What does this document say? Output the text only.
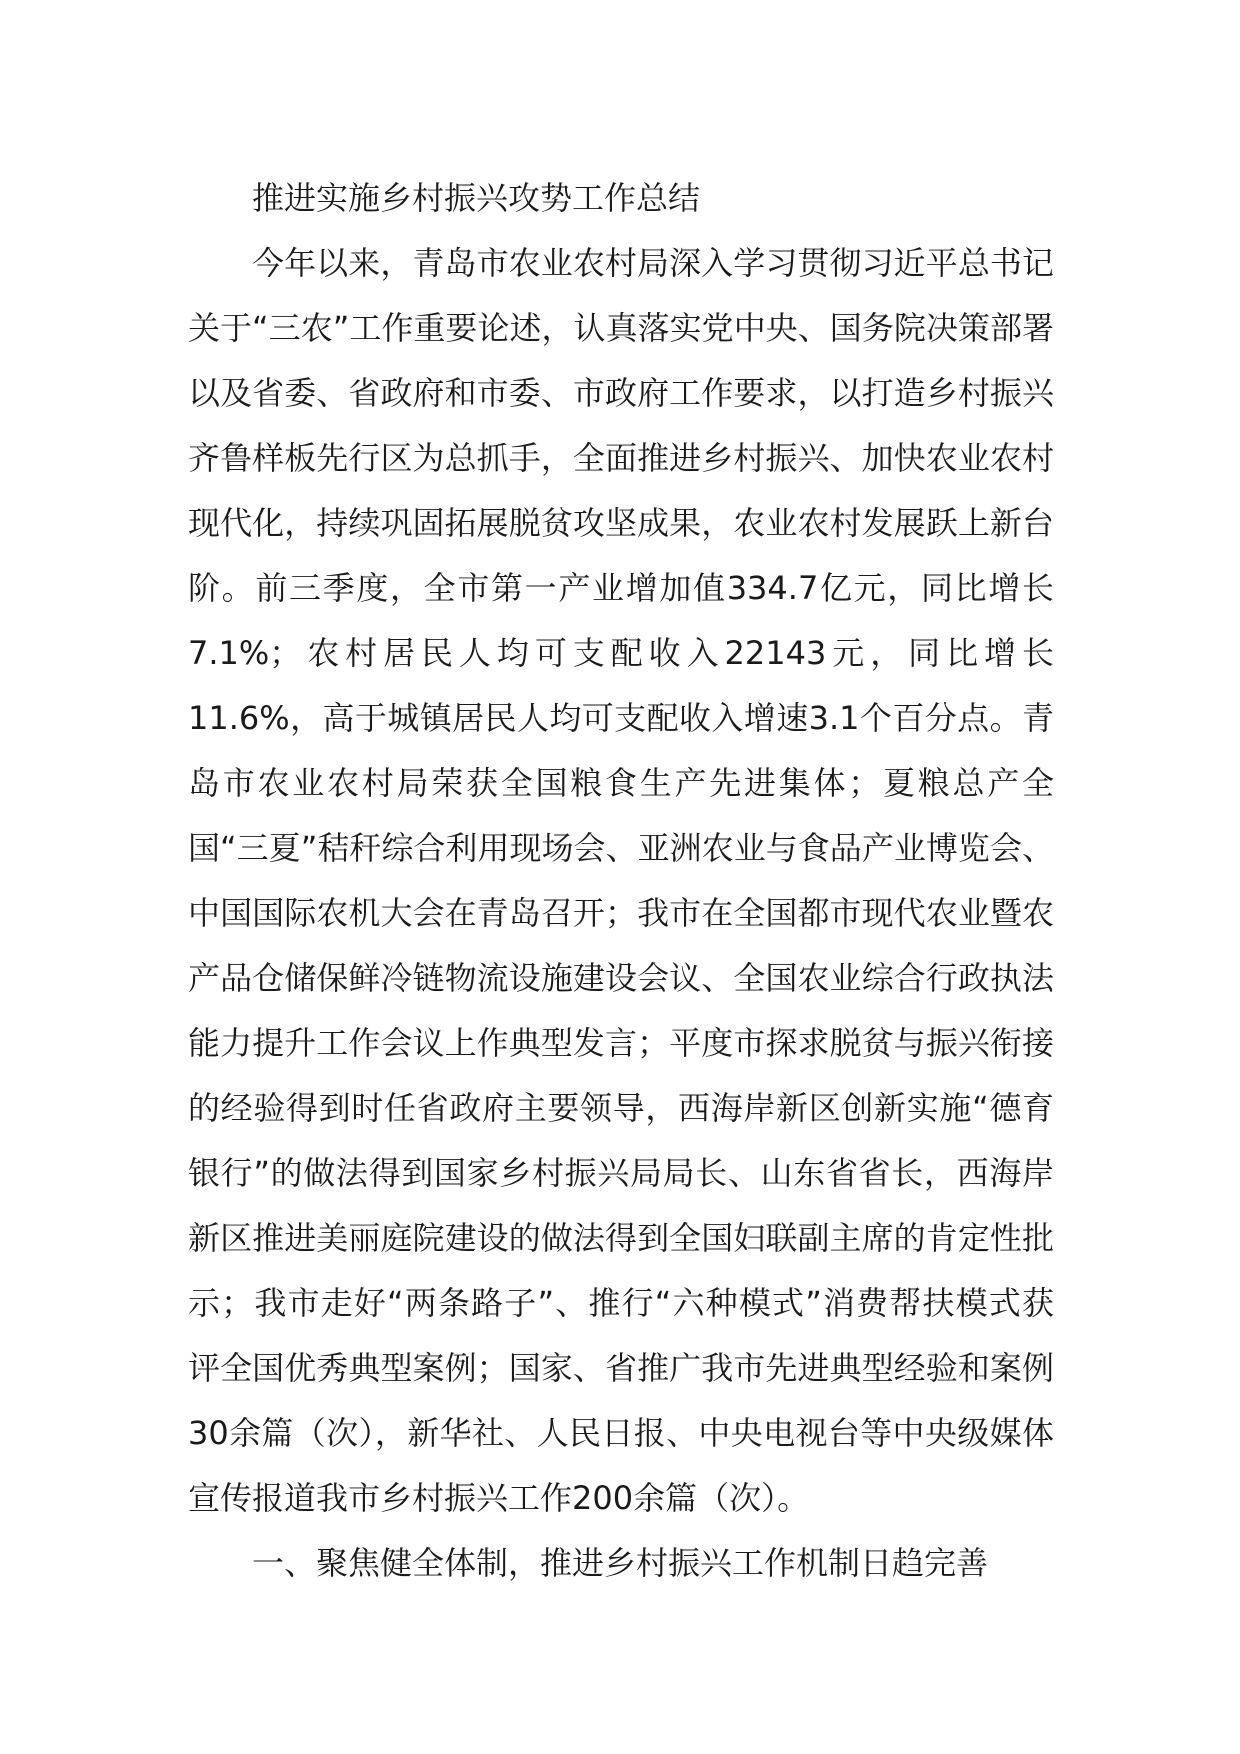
推进实施乡村振兴攻势工作总结

今年以来，青岛市农业农村局深入学习贯彻习近平总书记关于“三农”工作重要论述，认真落实党中央、国务院决策部署以及省委、省政府和市委、市政府工作要求，以打造乡村振兴齐鲁样板先行区为总抓手，全面推进乡村振兴、加快农业农村现代化，持续巩固拓展脱贫攻坚成果，农业农村发展跃上新台阶。前三季度，全市第一产业增加值334.7亿元，同比增长7.1%；农村居民人均可支配收入22143元，同比增长11.6%，高于城镇居民人均可支配收入增速3.1个百分点。青岛市农业农村局荣获全国粮食生产先进集体；夏粮总产全国“三夏”秸秆综合利用现场会、亚洲农业与食品产业博览会、中国国际农机大会在青岛召开；我市在全国都市现代农业暨农产品仓储保鲜冷链物流设施建设会议、全国农业综合行政执法能力提升工作会议上作典型发言；平度市探求脱贫与振兴衔接的经验得到时任省政府主要领导，西海岸新区创新实施“德育银行”的做法得到国家乡村振兴局局长、山东省省长，西海岸新区推进美丽庭院建设的做法得到全国妇联副主席的肯定性批示；我市走好“两条路子”、推行“六种模式”消费帮扶模式获评全国优秀典型案例；国家、省推广我市先进典型经验和案例30余篇（次），新华社、人民日报、中央电视台等中央级媒体宣传报道我市乡村振兴工作200余篇（次）。

一、聚焦健全体制，推进乡村振兴工作机制日趋完善
